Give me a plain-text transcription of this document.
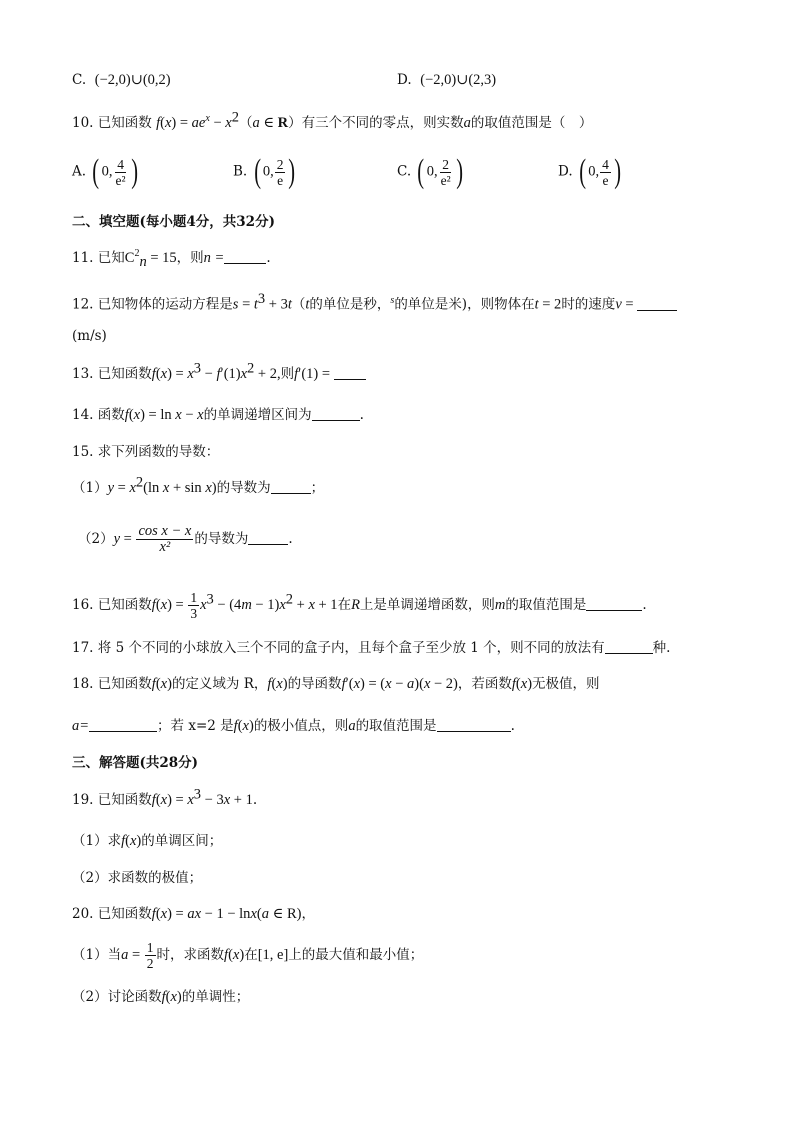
C. (−2,0)∪(0,2)	D. (−2,0)∪(2,3)
10. 已知函数 $f(x) = ae^x - x^2(a$ ∈ R）有三个不同的零点，则实数a的取值范围是（　）
A. ( 0, $\frac{4}{\text{e²}}$ )	B. ( 0, $\frac{2}{e}$ )	C. ( 0, $\frac{2}{\text{e²}}$ )	D. ( 0, $\frac{4}{e}$ )
二、填空题(每小题4分，共32分)
11. 已知$C^2_n = 15$，则n =	.
12. 已知物体的运动方程是$s = t^3 + 3t(t$的单位是秒，$^s$的单位是米)，则物体在t = 2时的速度v =
(m/s)
13. 已知函数$f(x) = x^3 - f'(1)x^2 + 2$,则f′(1) =
14. 函数f(x) = ln x − x的单调递增区间为	.
15. 求下列函数的导数：
$(1)y = x^2(\ln$ x + sin x)的导数为	；
$(2)y = \frac{\text{cos x − x}}{\text{x²}}$ 的导数为	.
16. 已知函数$f(x) = \frac{1}{3} x^3 - (4m - 1)x^2 + x + 1$在R上是单调递增函数，则m的取值范围是	.
17. 将 5 个不同的小球放入三个不同的盒子内，且每个盒子至少放 1 个，则不同的放法有	种.
18. 已知函数f(x)的定义域为 R，f(x)的导函数f′(x) = (x − a)(x − 2)，若函数f(x)无极值，则
a=	；若 x=2 是f(x)的极小值点，则a的取值范围是	.
三、解答题(共28分)
19. 已知函数$f(x) = x^3 - 3x + 1$.
（1）求f(x)的单调区间；
（2）求函数的极值；
20. 已知函数f(x) = ax − 1 − lnx(a ∈ R)，
（1）当$a = \frac{1}{2}$ 时，求函数f(x)在[1, e]上的最大值和最小值；
（2）讨论函数f(x)的单调性；
